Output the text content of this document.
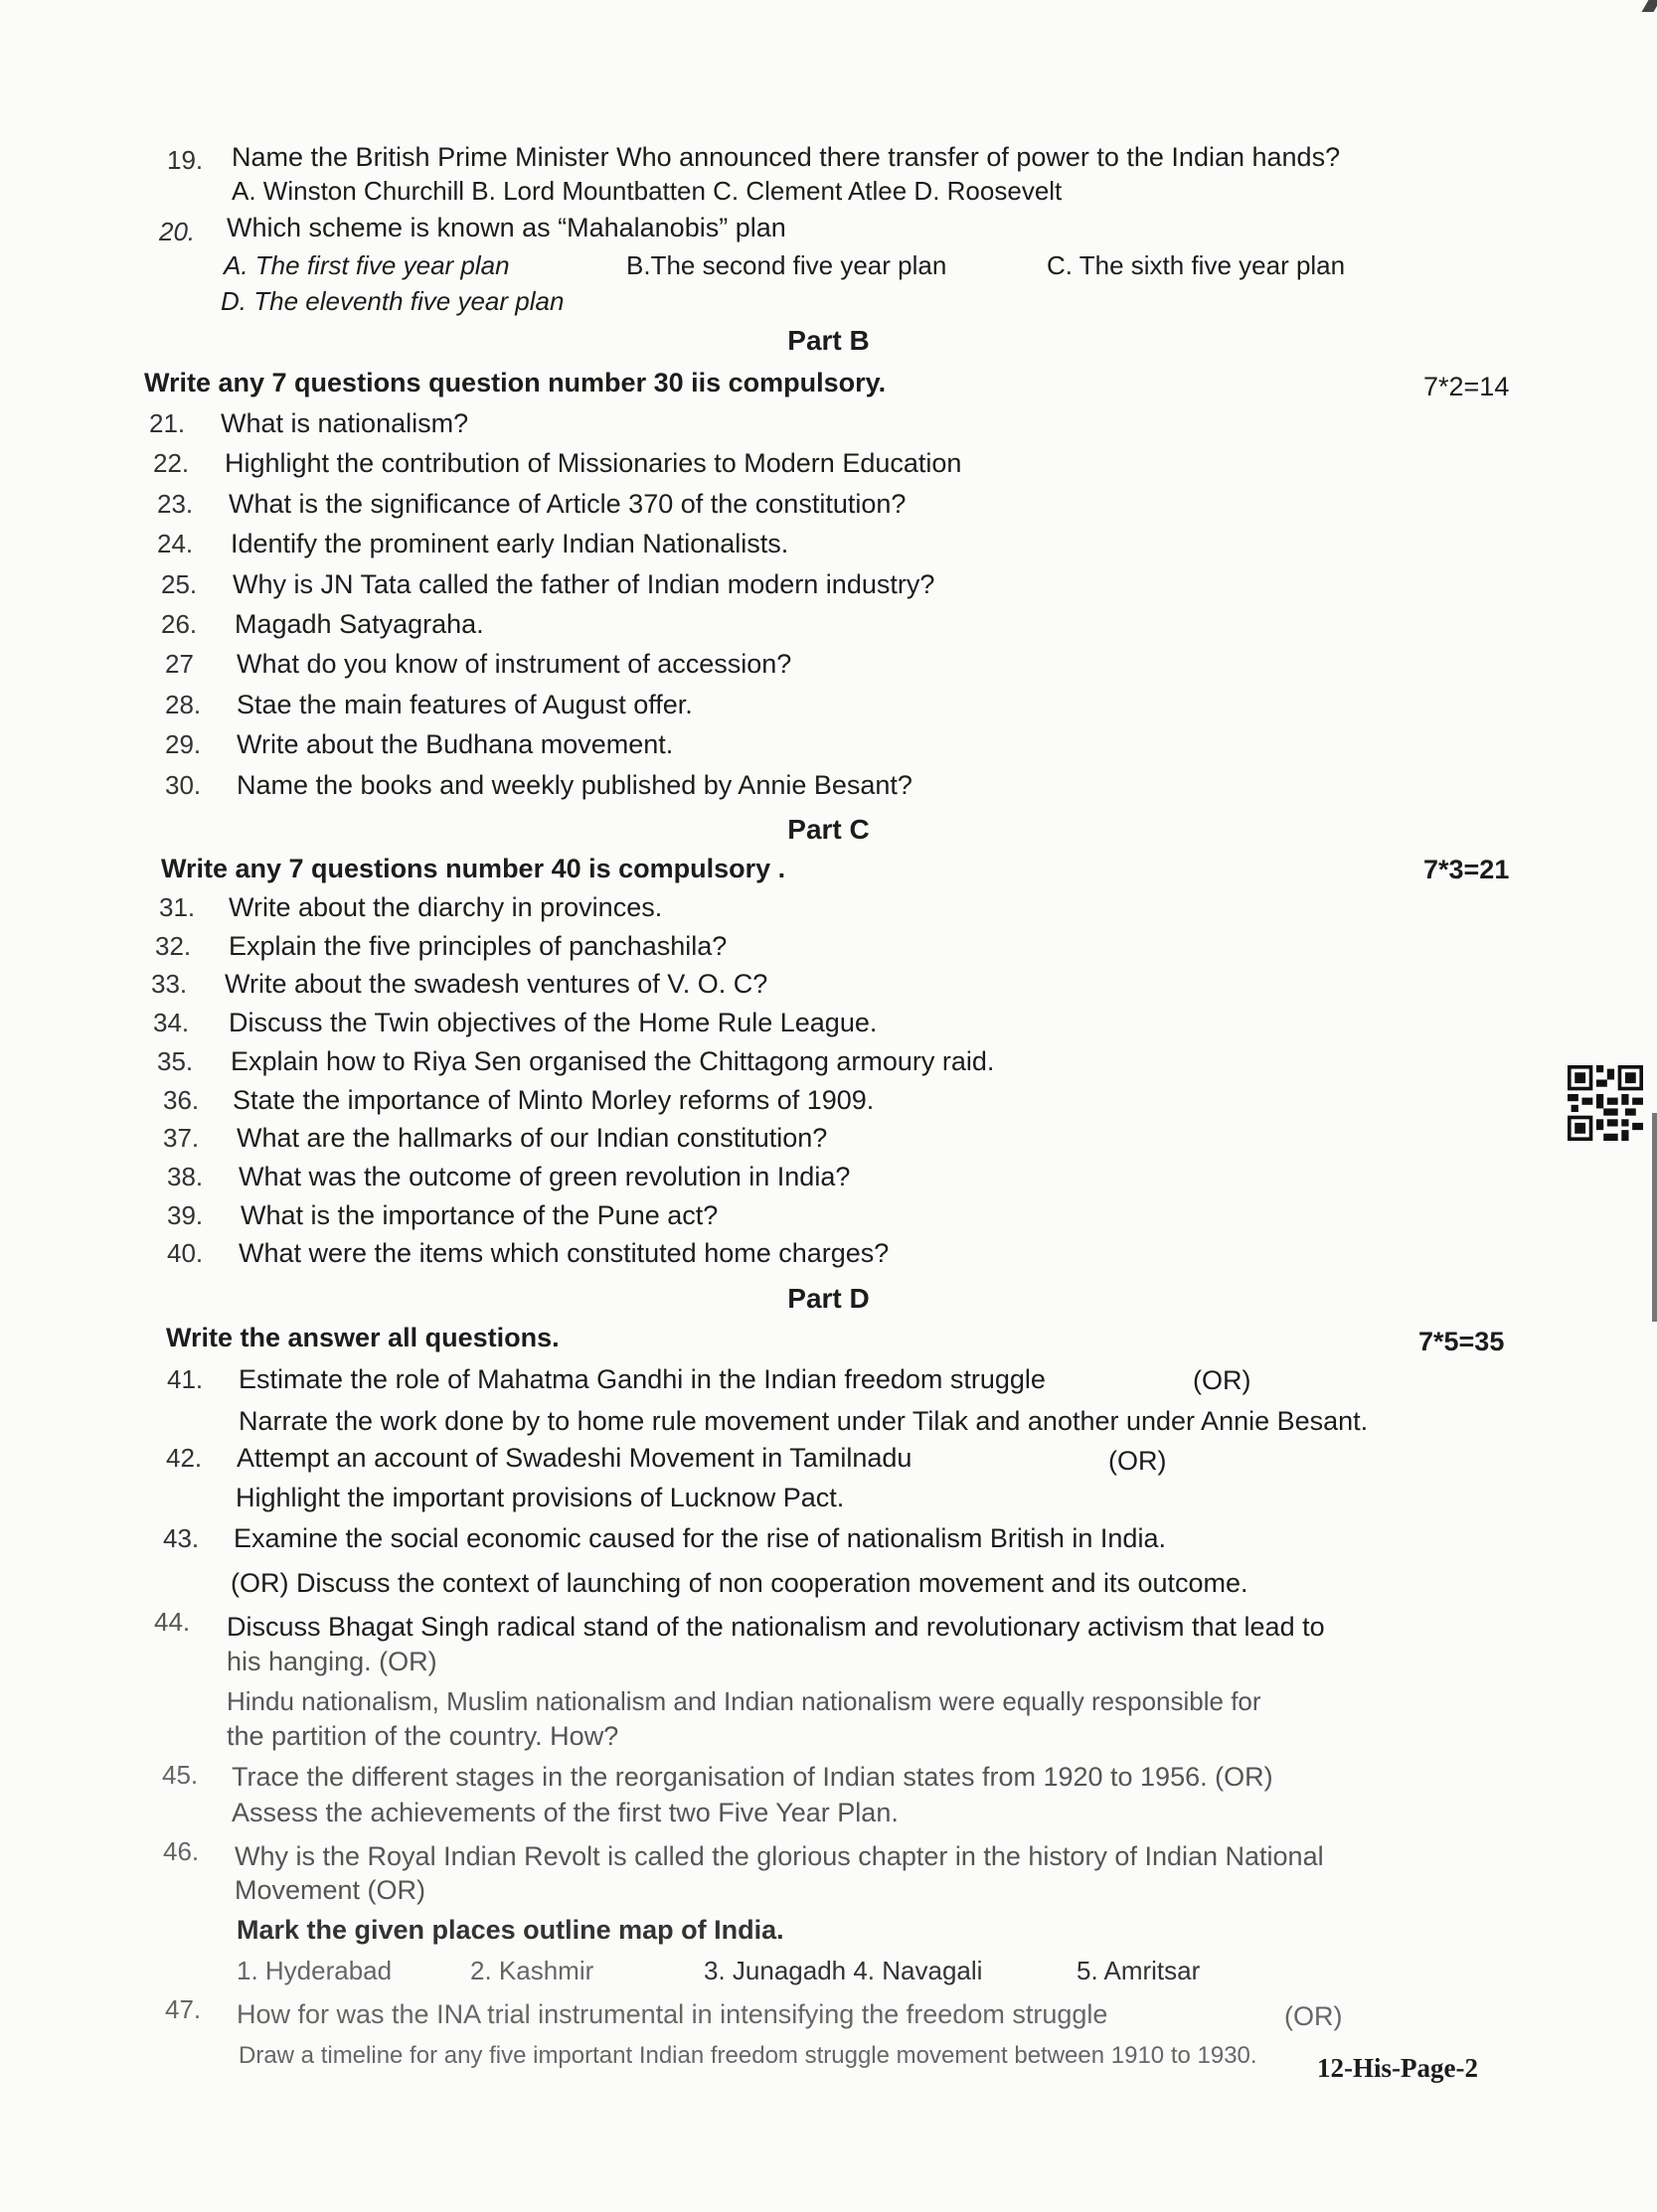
19. Name the British Prime Minister Who announced there transfer of power to the Indian hands?
A. Winston Churchill B. Lord Mountbatten C. Clement Atlee D. Roosevelt
20. Which scheme is known as “Mahalanobis” plan
A. The first five year plan	B.The second five year plan	C. The sixth five year plan
D. The eleventh five year plan
Part B
Write any 7 questions question number 30 iis compulsory.	7*2=14
21. What is nationalism?
22. Highlight the contribution of Missionaries to Modern Education
23. What is the significance of Article 370 of the constitution?
24. Identify the prominent early Indian Nationalists.
25. Why is JN Tata called the father of Indian modern industry?
26. Magadh Satyagraha.
27 What do you know of instrument of accession?
28. Stae the main features of August offer.
29. Write about the Budhana movement.
30. Name the books and weekly published by Annie Besant?
Part C
Write any 7 questions number 40 is compulsory .	7*3=21
31. Write about the diarchy in provinces.
32. Explain the five principles of panchashila?
33. Write about the swadesh ventures of V. O. C?
34. Discuss the Twin objectives of the Home Rule League.
35. Explain how to Riya Sen organised the Chittagong armoury raid.
36. State the importance of Minto Morley reforms of 1909.
37. What are the hallmarks of our Indian constitution?
38. What was the outcome of green revolution in India?
39. What is the importance of the Pune act?
40. What were the items which constituted home charges?
Part D
Write the answer all questions.	7*5=35
41. Estimate the role of Mahatma Gandhi in the Indian freedom struggle	(OR)
Narrate the work done by to home rule movement under Tilak and another under Annie Besant.
42. Attempt an account of Swadeshi Movement in Tamilnadu	(OR)
Highlight the important provisions of Lucknow Pact.
43. Examine the social economic caused for the rise of nationalism British in India.
(OR) Discuss the context of launching of non cooperation movement and its outcome.
44. Discuss Bhagat Singh radical stand of the nationalism and revolutionary activism that lead to
his hanging. (OR)
Hindu nationalism, Muslim nationalism and Indian nationalism were equally responsible for
the partition of the country. How?
45. Trace the different stages in the reorganisation of Indian states from 1920 to 1956. (OR)
Assess the achievements of the first two Five Year Plan.
46. Why is the Royal Indian Revolt is called the glorious chapter in the history of Indian National
Movement (OR)
Mark the given places outline map of India.
1. Hyderabad	2. Kashmir	3. Junagadh 4. Navagali	5. Amritsar
47. How for was the INA trial instrumental in intensifying the freedom struggle	(OR)
Draw a timeline for any five important Indian freedom struggle movement between 1910 to 1930. 12-His-Page-2
